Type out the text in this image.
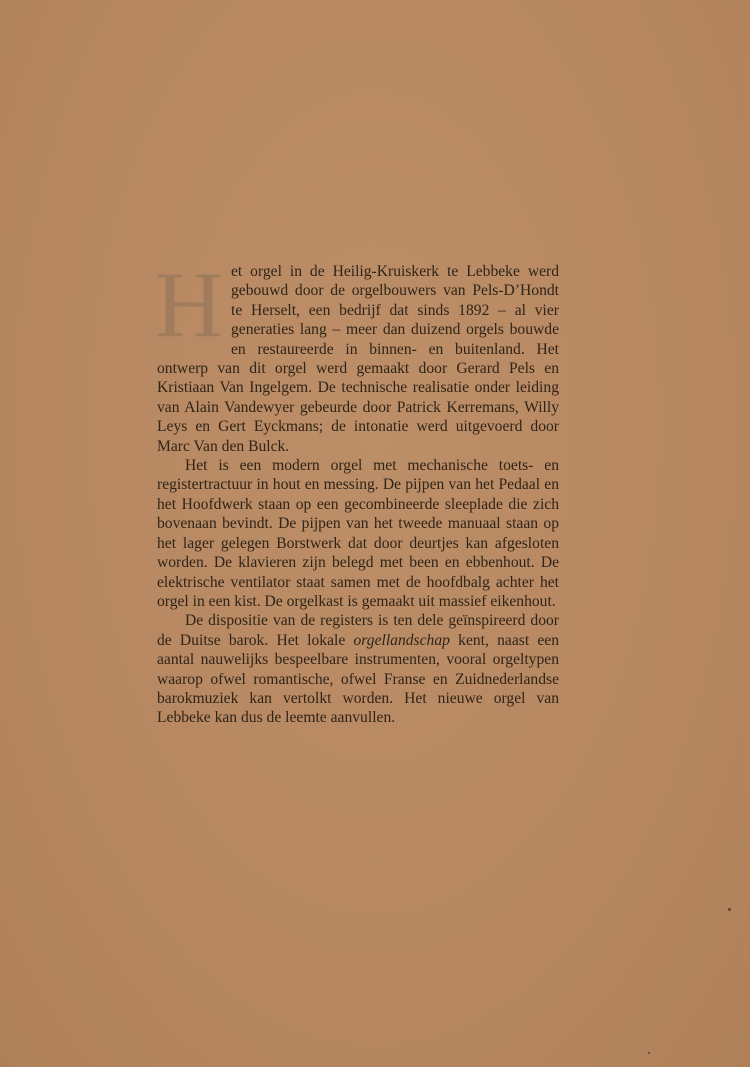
Het orgel in de Heilig-Kruiskerk te Lebbeke werd gebouwd door de orgelbouwers van Pels-D’Hondt te Herselt, een bedrijf dat sinds 1892 – al vier generaties lang – meer dan duizend orgels bouwde en restaureerde in binnen- en buitenland. Het ontwerp van dit orgel werd gemaakt door Gerard Pels en Kristiaan Van Ingelgem. De technische realisatie onder leiding van Alain Vandewyer gebeurde door Patrick Kerremans, Willy Leys en Gert Eyckmans; de intonatie werd uitgevoerd door Marc Van den Bulck.

Het is een modern orgel met mechanische toets- en registertractuur in hout en messing. De pijpen van het Pedaal en het Hoofdwerk staan op een gecombineerde sleeplade die zich bovenaan bevindt. De pijpen van het tweede manuaal staan op het lager gelegen Borstwerk dat door deurtjes kan afgesloten worden. De klavieren zijn belegd met been en ebbenhout. De elektrische ventilator staat samen met de hoofdbalg achter het orgel in een kist. De orgelkast is gemaakt uit massief eikenhout.

De dispositie van de registers is ten dele geïnspireerd door de Duitse barok. Het lokale orgellandschap kent, naast een aantal nauwelijks bespeelbare instrumenten, vooral orgeltypen waarop ofwel romantische, ofwel Franse en Zuidnederlandse barokmuziek kan vertolkt worden. Het nieuwe orgel van Lebbeke kan dus de leemte aanvullen.
